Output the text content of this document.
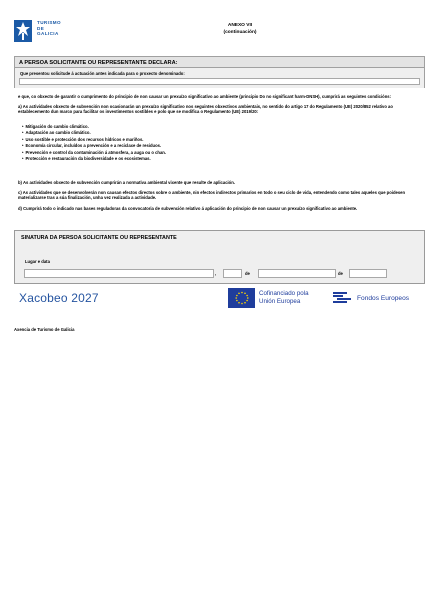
TURISMO
DE
GALICIA
ANEXO VII
(continuación)
A PERSOA SOLICITANTE OU REPRESENTANTE DECLARA:
Que presentou solicitude á actuación antes indicada para o proxecto denominado:
e que, co obxecto de garantir o cumprimento do principio de non causar un prexuízo significativo ao ambiente (principio Do no significant harm-DNSH), cumprirá as seguintes condicións:
a) As actividades obxecto de subvención non ocasionarán un prexuízo significativo nos seguintes obxectivos ambientais, no sentido do artigo 17 do Regulamento (UE) 2020/852 relativo ao establecemento dun marco para facilitar os investimentos sostibles e polo que se modifica o Regulamento (UE) 2019/20:
• Mitigación do cambio climático.
• Adaptación ao cambio climático.
• Uso sostible e protección dos recursos hídricos e mariños.
• Economía circular, incluídos a prevención e a reciclaxe de residuos.
• Prevención e control da contaminación á atmosfera, a auga ou o chan.
• Protección e restauración da biodiversidade e os ecosistemas.
b) As actividades obxecto de subvención cumprirán a normativa ambiental vixente que resulte de aplicación.
c) As actividades que se desenvolverán non causan efectos directos sobre o ambiente, nin efectos indirectos primarios en todo o seu ciclo de vida, entendendo como tales aqueles que poidesen materializarse tras a súa finalización, unha vez realizada a actividade.
d) Cumprirá todo o indicado nas bases reguladoras da convocatoria de subvención relativo á aplicación do principio de non causar un prexuízo significativo ao ambiente.
SINATURA DA PERSOA SOLICITANTE OU REPRESENTANTE
Lugar e data
,	de	de
Xacobeo 2027	Cofinanciado pola
Unión Europea	Fondos Europeos
Axencia de Turismo de Galicia
